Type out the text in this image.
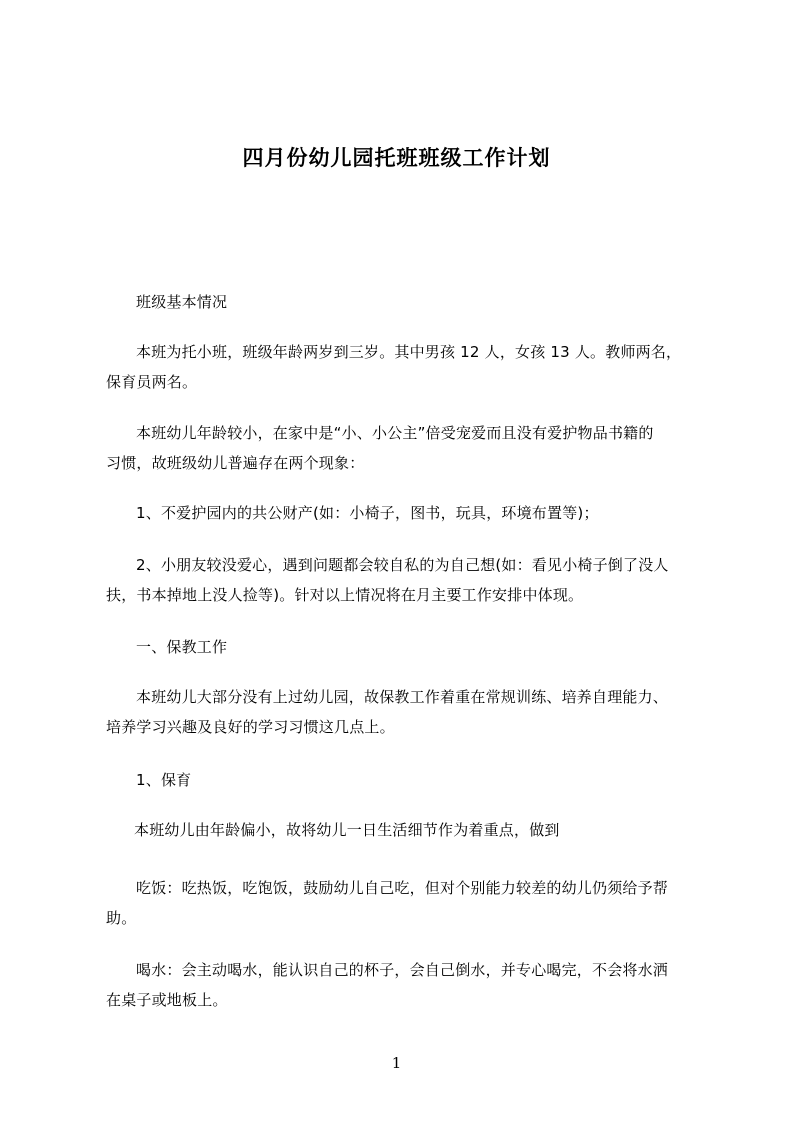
四月份幼儿园托班班级工作计划
班级基本情况
本班为托小班，班级年龄两岁到三岁。其中男孩 12 人，女孩 13 人。教师两名，
保育员两名。
本班幼儿年龄较小，在家中是“小、小公主”倍受宠爱而且没有爱护物品书籍的
习惯，故班级幼儿普遍存在两个现象：
1、不爱护园内的共公财产(如：小椅子，图书，玩具，环境布置等)；
2、小朋友较没爱心，遇到问题都会较自私的为自己想(如：看见小椅子倒了没人
扶，书本掉地上没人捡等)。针对以上情况将在月主要工作安排中体现。
一、保教工作
本班幼儿大部分没有上过幼儿园，故保教工作着重在常规训练、培养自理能力、
培养学习兴趣及良好的学习习惯这几点上。
1、保育
本班幼儿由年龄偏小，故将幼儿一日生活细节作为着重点，做到
吃饭：吃热饭，吃饱饭，鼓励幼儿自己吃，但对个别能力较差的幼儿仍须给予帮
助。
喝水：会主动喝水，能认识自己的杯子，会自己倒水，并专心喝完，不会将水洒
在桌子或地板上。
1
